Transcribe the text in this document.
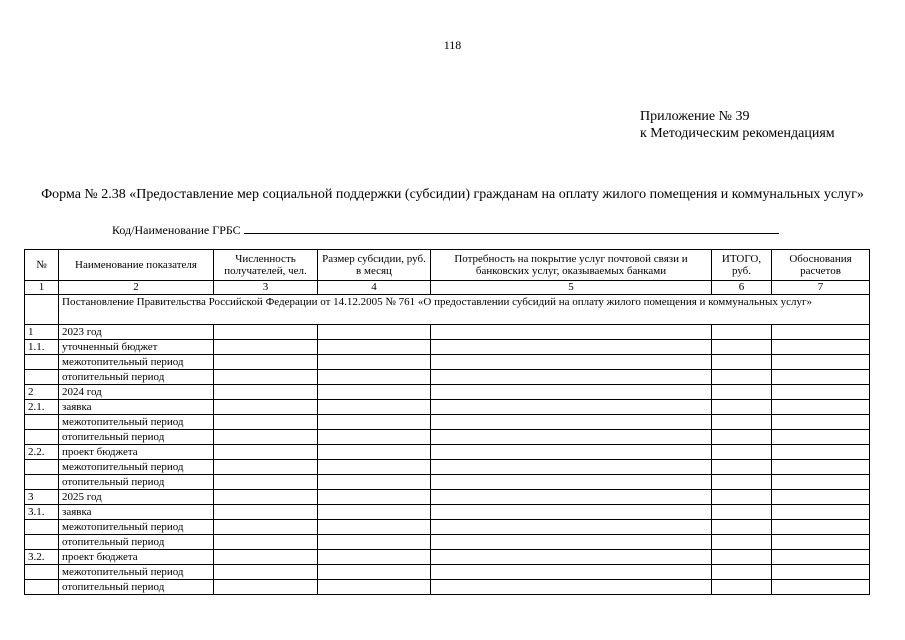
118
Приложение № 39
к Методическим рекомендациям
Форма № 2.38 «Предоставление мер социальной поддержки (субсидии) гражданам на оплату жилого помещения и коммунальных услуг»
Код/Наименование ГРБС
№	Наименование показателя	Численность получателей, чел.	Размер субсидии, руб. в месяц	Потребность на покрытие услуг почтовой связи и банковских услуг, оказываемых банками	ИТОГО, руб.	Обоснования расчетов
1	2	3	4	5	6	7
	Постановление Правительства Российской Федерации от 14.12.2005 № 761 «О предоставлении субсидий на оплату жилого помещения и коммунальных услуг»					
1	2023 год					
1.1.	уточненный бюджет					
	межотопительный период					
	отопительный период					
2	2024 год					
2.1.	заявка					
	межотопительный период					
	отопительный период					
2.2.	проект бюджета					
	межотопительный период					
	отопительный период					
3	2025 год					
3.1.	заявка					
	межотопительный период					
	отопительный период					
3.2.	проект бюджета					
	межотопительный период					
	отопительный период					
